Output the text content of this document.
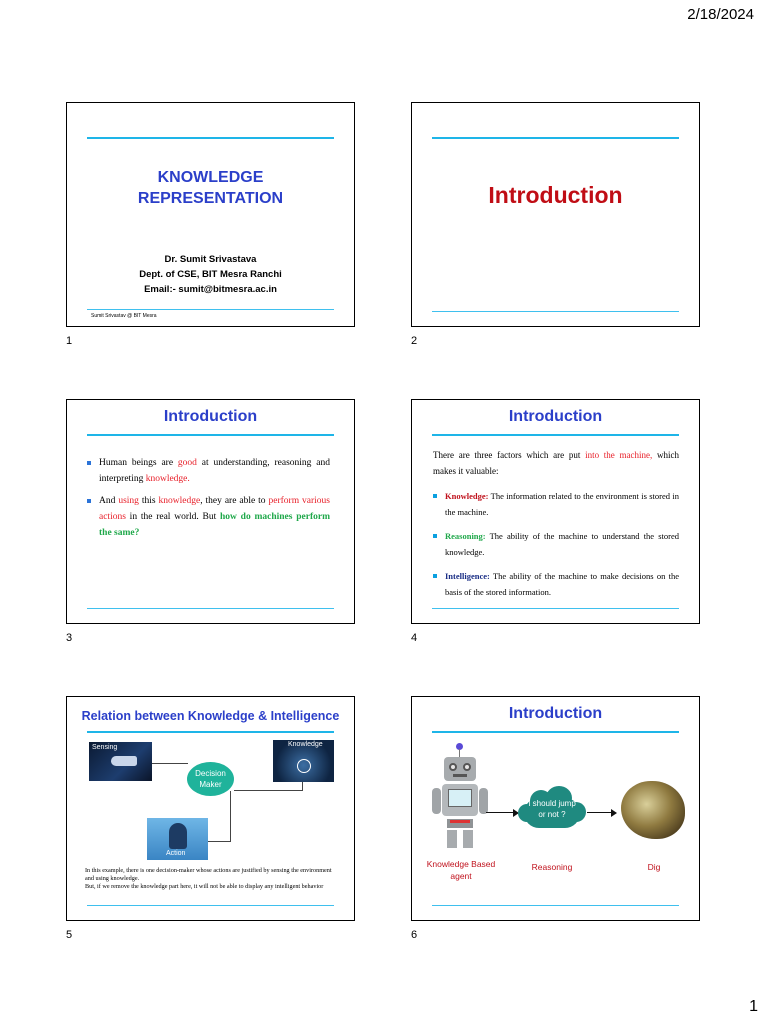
2/18/2024
KNOWLEDGE
REPRESENTATION
Dr. Sumit Srivastava
Dept. of CSE, BIT Mesra Ranchi
Email:- sumit@bitmesra.ac.in
Sumit Srivastav @ BIT Mesra
1
Introduction
2
Introduction
Human beings are good at understanding, reasoning and interpreting knowledge.
And using this knowledge, they are able to perform various actions in the real world. But how do machines perform the same?
3
Introduction
There are three factors which are put into the machine, which makes it valuable:
Knowledge: The information related to the environment is stored in the machine.
Reasoning: The ability of the machine to understand the stored knowledge.
Intelligence: The ability of the machine to make decisions on the basis of the stored information.
4
Relation between Knowledge & Intelligence
Sensing	Knowledge
Decision Maker
Action
In this example, there is one decision-maker whose actions are justified by sensing the environment and using knowledge.
But, if we remove the knowledge part here, it will not be able to display any intelligent behavior
5
Introduction
I should jump or not ?
Knowledge Based agent
Reasoning	Dig
6
1
